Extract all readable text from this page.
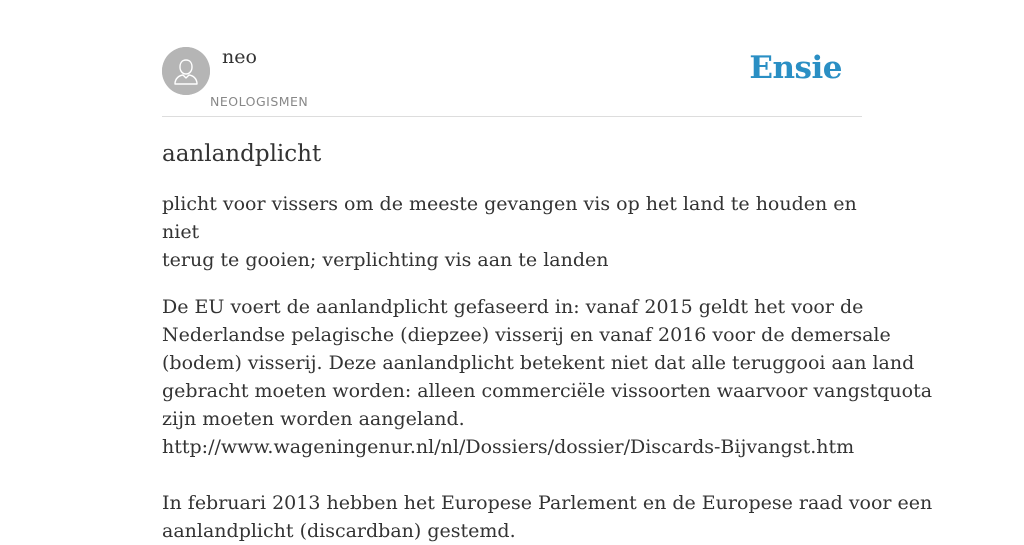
neo
NEOLOGISMEN
Ensie
aanlandplicht

plicht voor vissers om de meeste gevangen vis op het land te houden en niet
terug te gooien; verplichting vis aan te landen

De EU voert de aanlandplicht gefaseerd in: vanaf 2015 geldt het voor de
Nederlandse pelagische (diepzee) visserij en vanaf 2016 voor de demersale
(bodem) visserij. Deze aanlandplicht betekent niet dat alle teruggooi aan land
gebracht moeten worden: alleen commerciële vissoorten waarvoor vangstquota
zijn moeten worden aangeland.
http://www.wageningenur.nl/nl/Dossiers/dossier/Discards-Bijvangst.htm
In februari 2013 hebben het Europese Parlement en de Europese raad voor een
aanlandplicht (discardban) gestemd.
